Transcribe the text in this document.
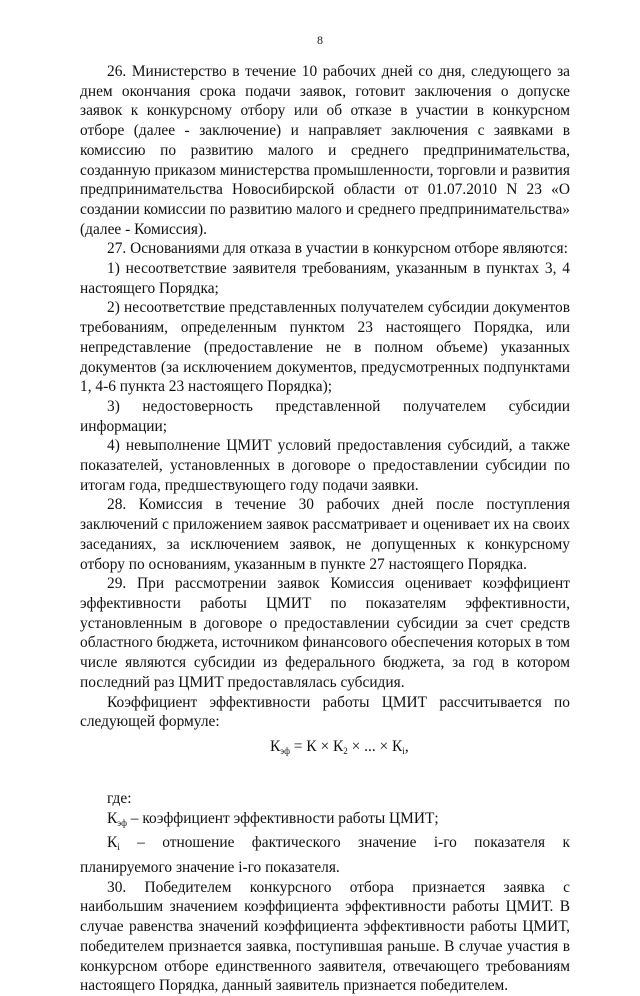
8

26. Министерство в течение 10 рабочих дней со дня, следующего за днем окончания срока подачи заявок, готовит заключения о допуске заявок к конкурсному отбору или об отказе в участии в конкурсном отборе (далее - заключение) и направляет заключения с заявками в комиссию по развитию малого и среднего предпринимательства, созданную приказом министерства промышленности, торговли и развития предпринимательства Новосибирской области от 01.07.2010 N 23 «О создании комиссии по развитию малого и среднего предпринимательства» (далее - Комиссия).

27. Основаниями для отказа в участии в конкурсном отборе являются:

1) несоответствие заявителя требованиям, указанным в пунктах 3, 4 настоящего Порядка;

2) несоответствие представленных получателем субсидии документов требованиям, определенным пунктом 23 настоящего Порядка, или непредставление (предоставление не в полном объеме) указанных документов (за исключением документов, предусмотренных подпунктами 1, 4-6 пункта 23 настоящего Порядка);

3) недостоверность представленной получателем субсидии информации;

4) невыполнение ЦМИТ условий предоставления субсидий, а также показателей, установленных в договоре о предоставлении субсидии по итогам года, предшествующего году подачи заявки.

28. Комиссия в течение 30 рабочих дней после поступления заключений с приложением заявок рассматривает и оценивает их на своих заседаниях, за исключением заявок, не допущенных к конкурсному отбору по основаниям, указанным в пункте 27 настоящего Порядка.

29. При рассмотрении заявок Комиссия оценивает коэффициент эффективности работы ЦМИТ по показателям эффективности, установленным в договоре о предоставлении субсидии за счет средств областного бюджета, источником финансового обеспечения которых в том числе являются субсидии из федерального бюджета, за год в котором последний раз ЦМИТ предоставлялась субсидия.

Коэффициент эффективности работы ЦМИТ рассчитывается по следующей формуле:

$К_{эф} = К \times К_2$ × ... × $К_i$,

где:

$К_{эф}$ – коэффициент эффективности работы ЦМИТ;

$К_i$ – отношение фактического значение i-го показателя к планируемого значение i-го показателя.

30. Победителем конкурсного отбора признается заявка с наибольшим значением коэффициента эффективности работы ЦМИТ. В случае равенства значений коэффициента эффективности работы ЦМИТ, победителем признается заявка, поступившая раньше. В случае участия в конкурсном отборе единственного заявителя, отвечающего требованиям настоящего Порядка, данный заявитель признается победителем.
